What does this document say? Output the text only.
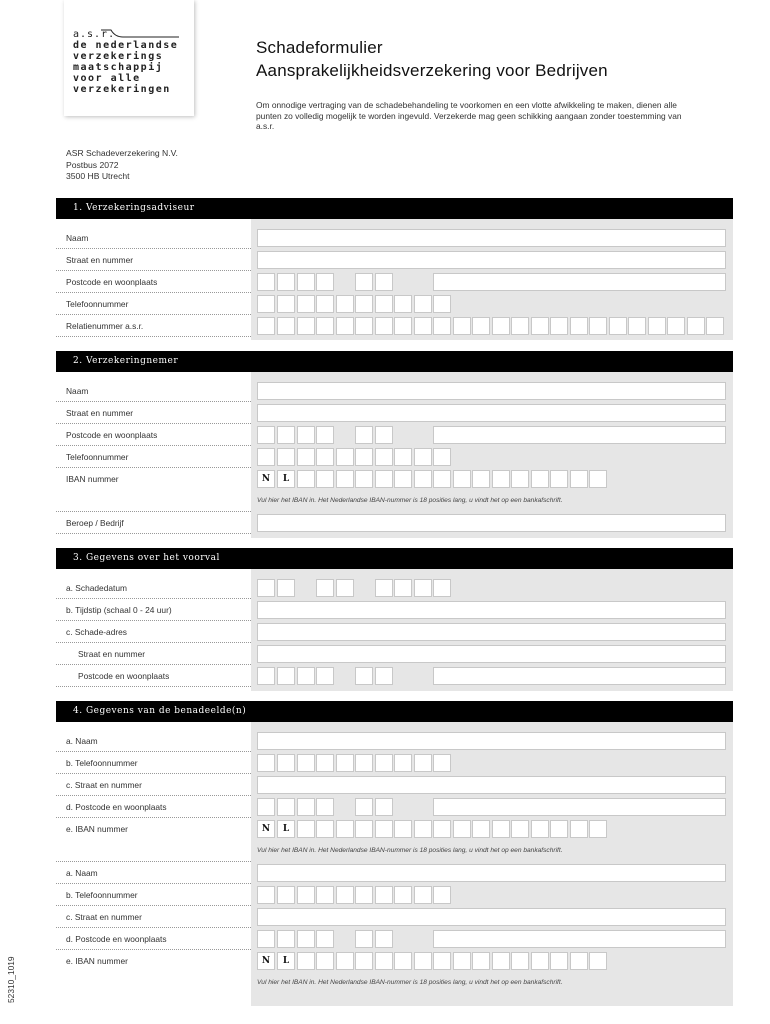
a.s.r.
de nederlandse
verzekerings
maatschappij
voor alle
verzekeringen
Schadeformulier
Aansprakelijkheidsverzekering voor Bedrijven
Om onnodige vertraging van de schadebehandeling te voorkomen en een vlotte afwikkeling te maken, dienen alle punten zo volledig mogelijk te worden ingevuld. Verzekerde mag geen schikking aangaan zonder toestemming van a.s.r.
ASR Schadeverzekering N.V.
Postbus 2072
3500 HB Utrecht
1. Verzekeringsadviseur
Naam
Straat en nummer
Postcode en woonplaats
Telefoonnummer
Relatienummer a.s.r.
2. Verzekeringnemer
Naam
Straat en nummer
Postcode en woonplaats
Telefoonnummer
IBAN nummer	N	L
Vul hier het IBAN in. Het Nederlandse IBAN-nummer is 18 posities lang, u vindt het op een bankafschrift.
Beroep / Bedrijf
3. Gegevens over het voorval
a. Schadedatum
b. Tijdstip (schaal 0 - 24 uur)
c. Schade-adres
Straat en nummer
Postcode en woonplaats
4. Gegevens van de benadeelde(n)
a. Naam
b. Telefoonnummer
c. Straat en nummer
d. Postcode en woonplaats
e. IBAN nummer	N	L
Vul hier het IBAN in. Het Nederlandse IBAN-nummer is 18 posities lang, u vindt het op een bankafschrift.
a. Naam
b. Telefoonnummer
c. Straat en nummer
d. Postcode en woonplaats
e. IBAN nummer	N	L
Vul hier het IBAN in. Het Nederlandse IBAN-nummer is 18 posities lang, u vindt het op een bankafschrift.
52310_1019
